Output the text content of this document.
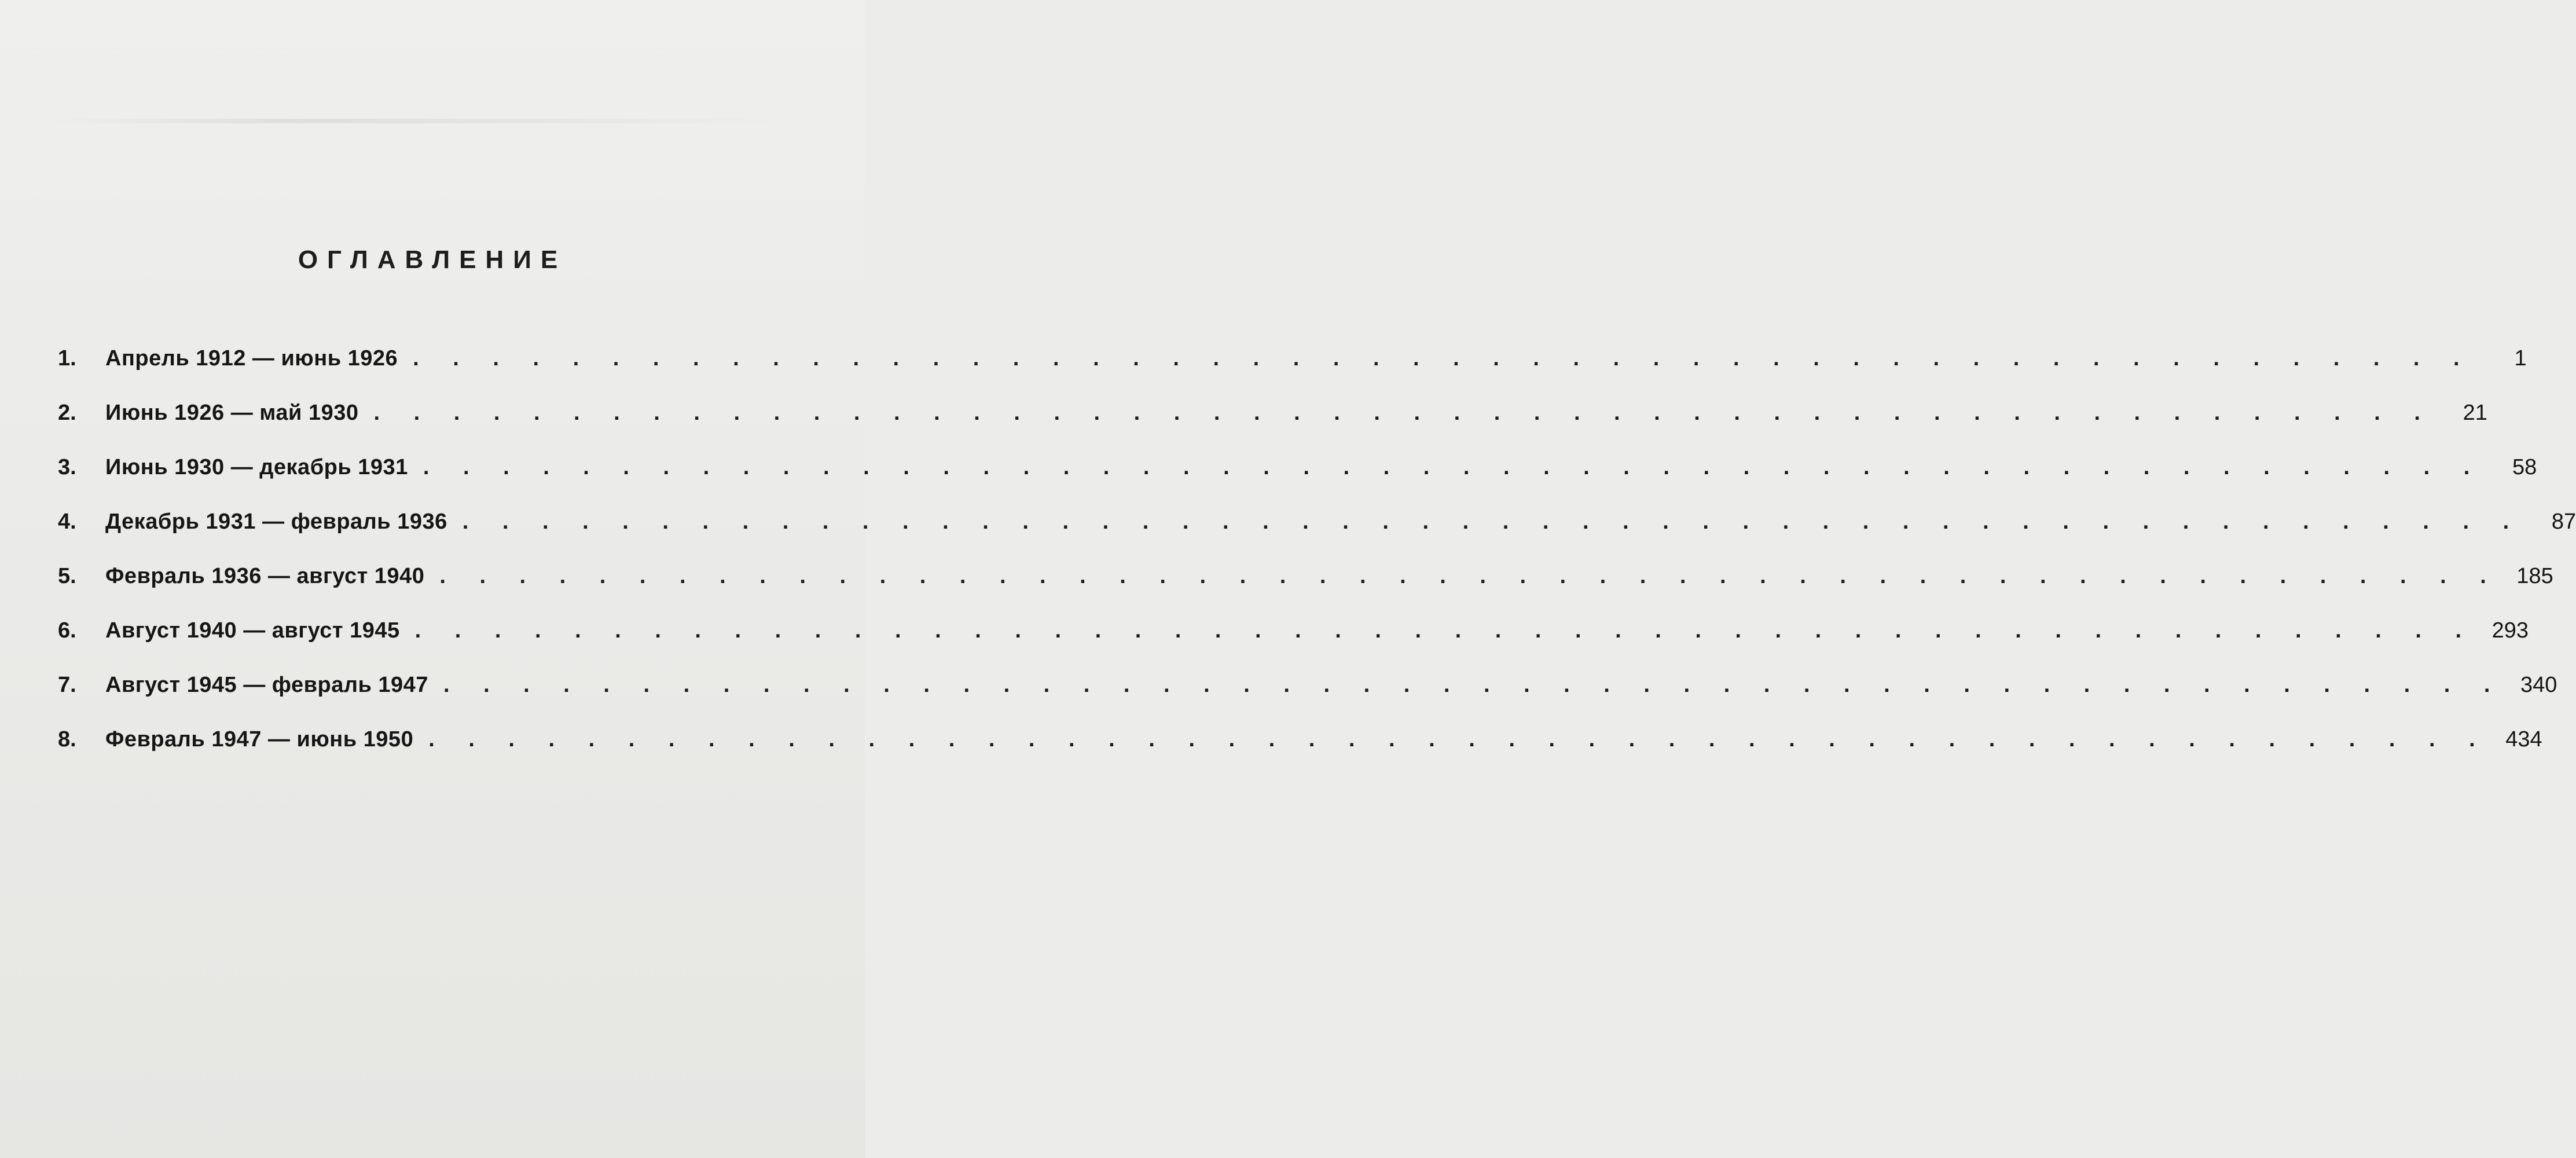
ОГЛАВЛЕНИЕ
1.	Апрель 1912 — июнь 1926 . . . . . . . . . . . . . . . . . . . . . . . . . . . . . . . . . . . . . . . . . . . . . . . . . . . .	1
2.	Июнь 1926 — май 1930 . . . . . . . . . . . . . . . . . . . . . . . . . . . . . . . . . . . . . . . . . . . . . . . . . . . .	21
3.	Июнь 1930 — декабрь 1931 . . . . . . . . . . . . . . . . . . . . . . . . . . . . . . . . . . . . . . . . . . . . . . . . . . . .	58
4.	Декабрь 1931 — февраль 1936 . . . . . . . . . . . . . . . . . . . . . . . . . . . . . . . . . . . . . . . . . . . . . . . . . . . .	87
5.	Февраль 1936 — август 1940 . . . . . . . . . . . . . . . . . . . . . . . . . . . . . . . . . . . . . . . . . . . . . . . . . . . . 185
6.	Август 1940 — август 1945 . . . . . . . . . . . . . . . . . . . . . . . . . . . . . . . . . . . . . . . . . . . . . . . . . . . . 293
7.	Август 1945 — февраль 1947 . . . . . . . . . . . . . . . . . . . . . . . . . . . . . . . . . . . . . . . . . . . . . . . . . . . . 340
8.	Февраль 1947 — июнь 1950 . . . . . . . . . . . . . . . . . . . . . . . . . . . . . . . . . . . . . . . . . . . . . . . . . . . . 434
